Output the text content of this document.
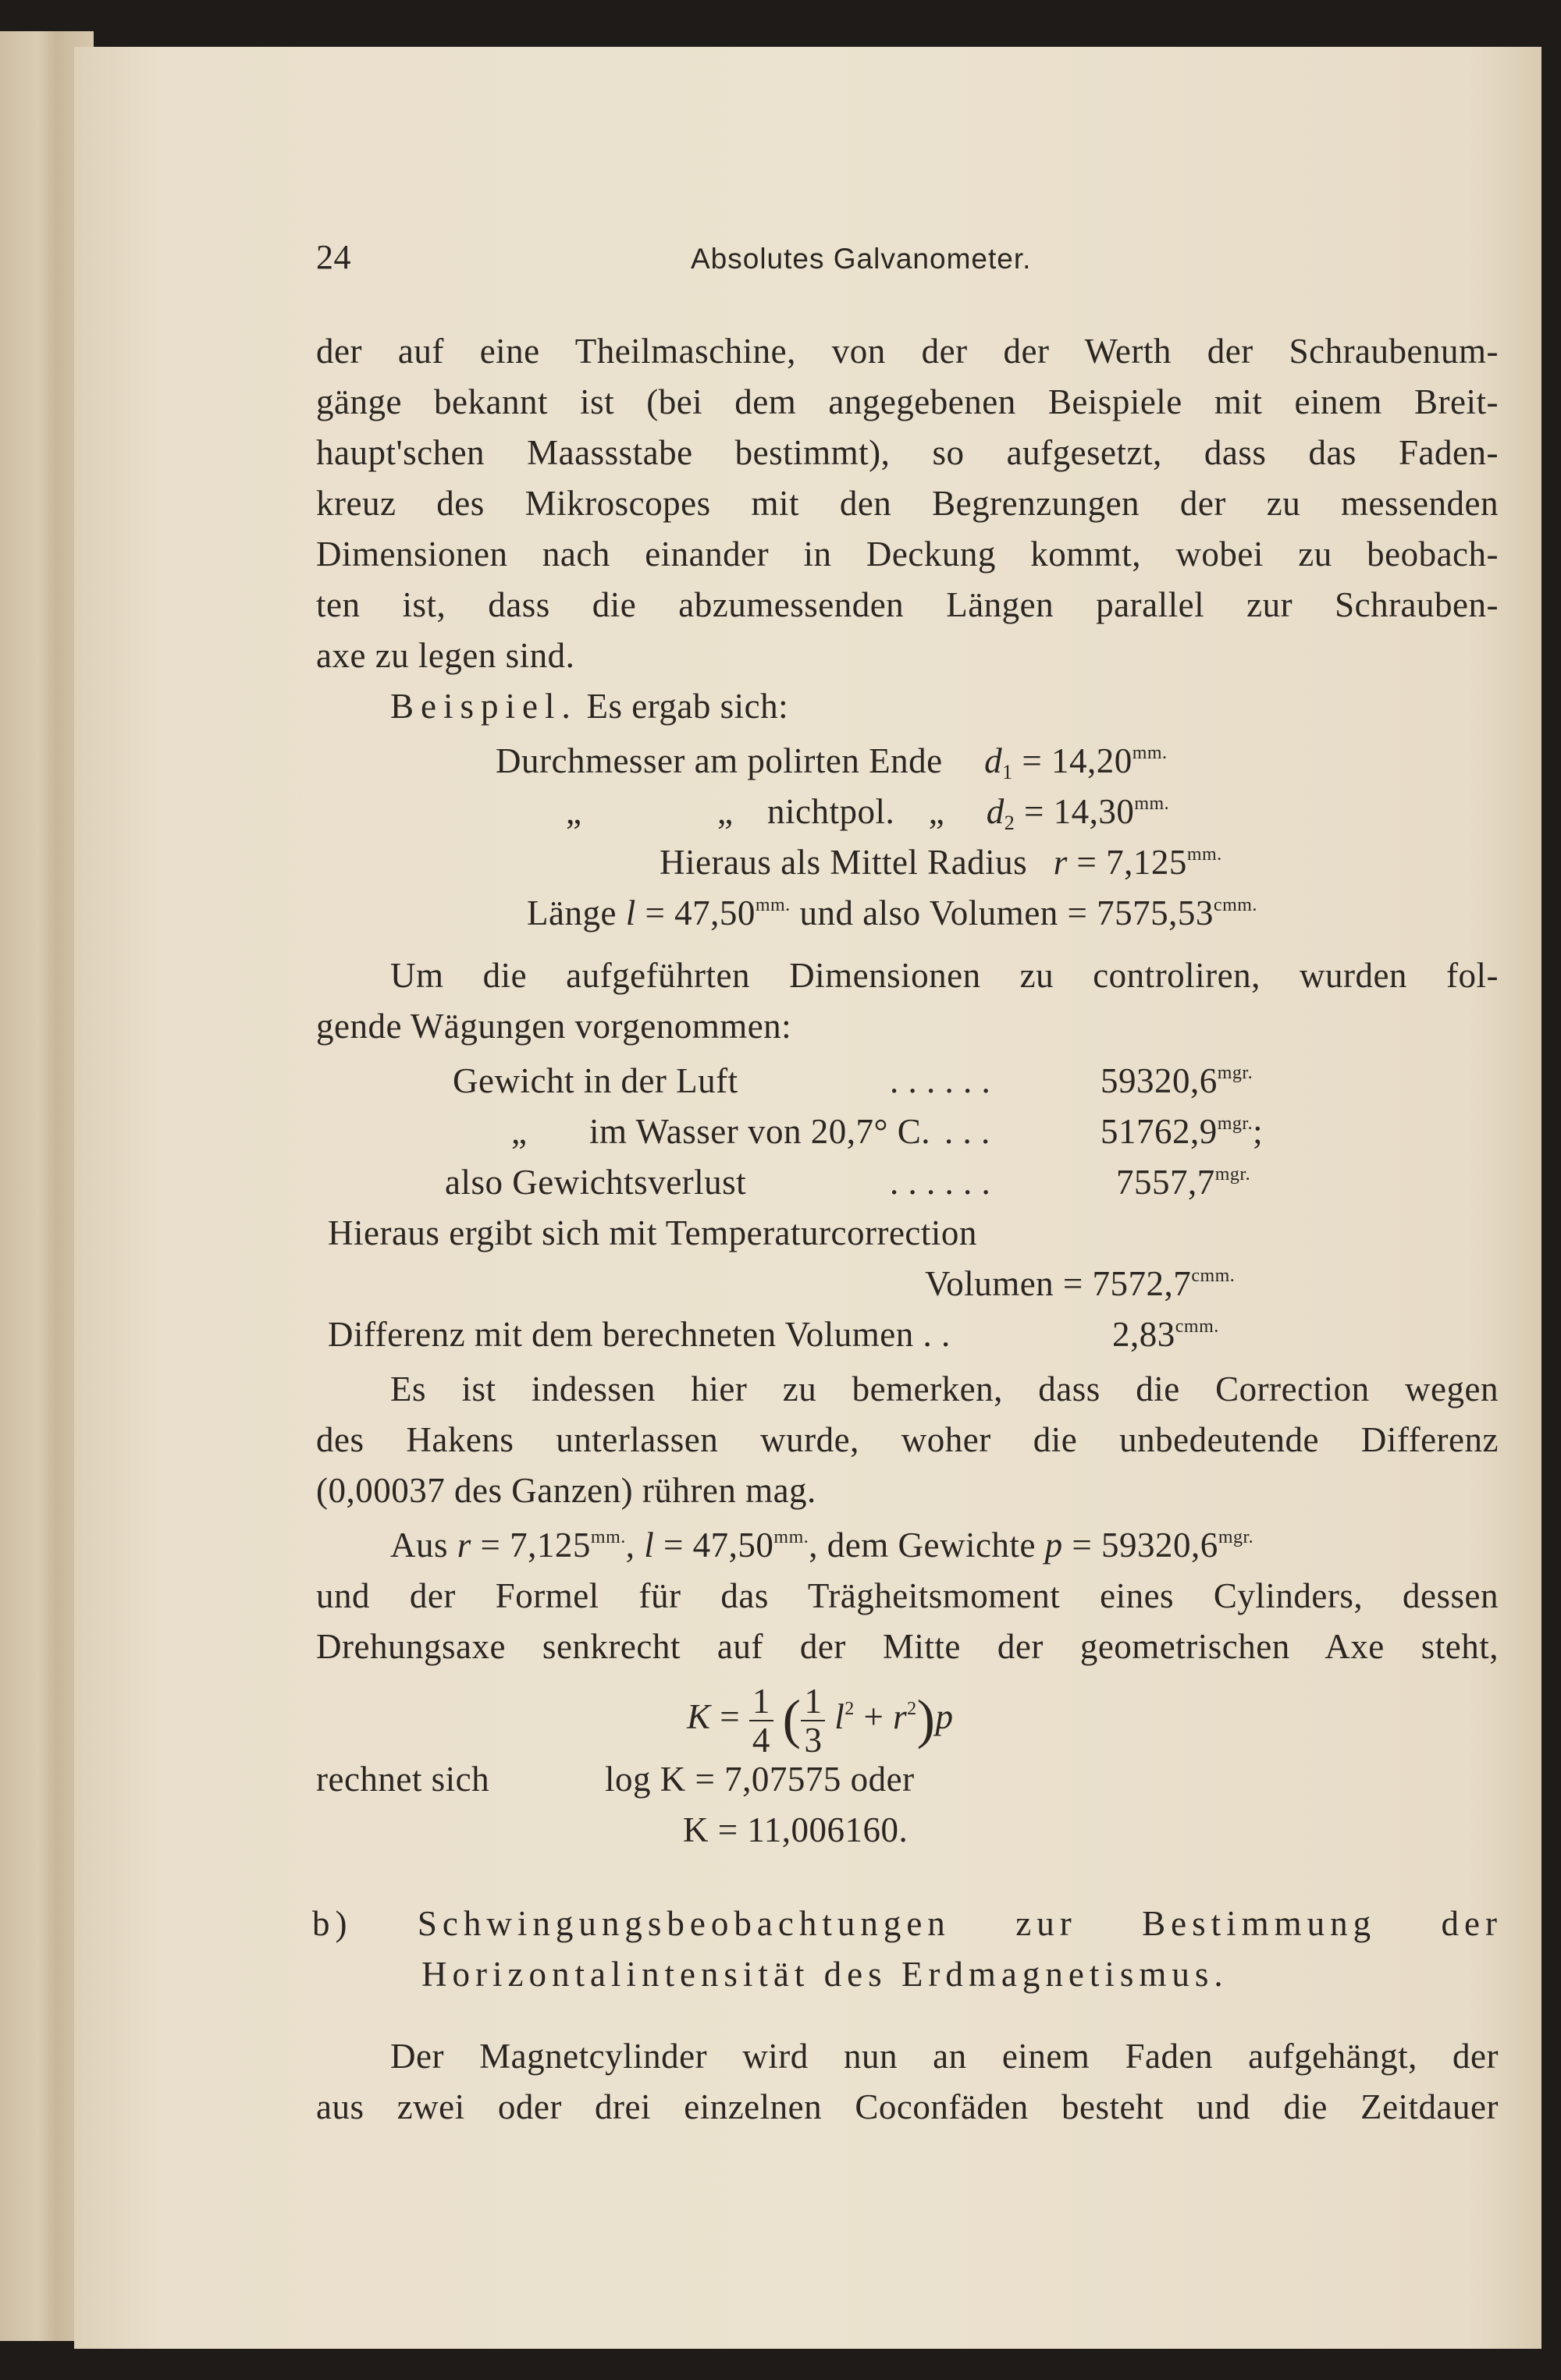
24	Absolutes Galvanometer.
der auf eine Theilmaschine, von der der Werth der Schraubenum-
gänge bekannt ist (bei dem angegebenen Beispiele mit einem Breit-
haupt'schen Maassstabe bestimmt), so aufgesetzt, dass das Faden-
kreuz des Mikroscopes mit den Begrenzungen der zu messenden
Dimensionen nach einander in Deckung kommt, wobei zu beobach-
ten ist, dass die abzumessenden Längen parallel zur Schrauben-
axe zu legen sind.
Beispiel. Es ergab sich:
Durchmesser am polirten Ende $d_1 = 14,20^{mm.}$
„	„ nichtpol. „ $d_2 = 14,30^{mm.}$
Hieraus als Mittel Radius $r = 7,125^{mm.}$
Länge $l = 47,50^{mm.}$ und also Volumen = $7575,53^{cmm.}$
Um die aufgeführten Dimensionen zu controliren, wurden fol-
gende Wägungen vorgenommen:
Gewicht in der Luft	. . . . . .	$59320,6^{mgr.}$
„ im Wasser von 20,7° C. . . .	$51762,9^{mgr.}$;
also Gewichtsverlust	. . . . . .	$7557,7^{mgr.}$
Hieraus ergibt sich mit Temperaturcorrection
Volumen = $7572,7^{cmm.}$
Differenz mit dem berechneten Volumen . .	$2,83^{cmm.}$
Es ist indessen hier zu bemerken, dass die Correction wegen
des Hakens unterlassen wurde, woher die unbedeutende Differenz
(0,00037 des Ganzen) rühren mag.
Aus $r = 7,125^{mm.}$, $l = 47,50^{mm.}$, dem Gewichte $p = 59320,6^{mgr.}$
und der Formel für das Trägheitsmoment eines Cylinders, dessen
Drehungsaxe senkrecht auf der Mitte der geometrischen Axe steht,
$K = \frac{1}{4}$ ( $\frac{1}{3} l^2 + r^2)p$
rechnet sich	log K = 7,07575 oder
K = 11,006160.
b) Schwingungsbeobachtungen zur Bestimmung der
Horizontalintensität des Erdmagnetismus.
Der Magnetcylinder wird nun an einem Faden aufgehängt, der
aus zwei oder drei einzelnen Coconfäden besteht und die Zeitdauer
